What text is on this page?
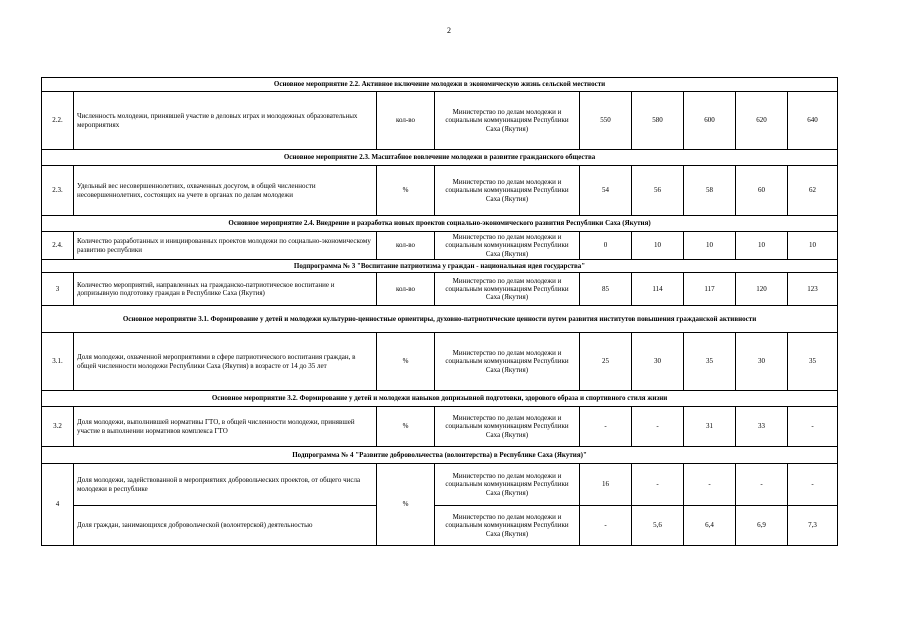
2
Основное мероприятие 2.2. Активное включение молодежи в экономическую жизнь сельской местности								
2.2.	Численность молодежи, принявшей участие в деловых играх и молодежных образовательных мероприятиях	кол-во	Министерство по делам молодежи и социальным коммуникациям Республики Саха (Якутия)	550	580	600	620	640
Основное мероприятие 2.3. Масштабное вовлечение молодежи в развитие гражданского общества								
2.3.	Удельный вес несовершеннолетних, охваченных досугом, в общей численности несовершеннолетних, состоящих на учете в органах по делам молодежи	%	Министерство по делам молодежи и социальным коммуникациям Республики Саха (Якутия)	54	56	58	60	62
Основное мероприятие 2.4. Внедрение и разработка новых проектов социально-экономического развития Республики Саха (Якутия)								
2.4.	Количество разработанных и инициированных проектов молодежи по социально-экономическому развитию республики	кол-во	Министерство по делам молодежи и социальным коммуникациям Республики Саха (Якутия)	0	10	10	10	10
Подпрограмма № 3 "Воспитание патриотизма у граждан - национальная идея государства"								
3	Количество мероприятий, направленных на гражданско-патриотическое воспитание и допризывную подготовку граждан в Республике Саха (Якутия)	кол-во	Министерство по делам молодежи и социальным коммуникациям Республики Саха (Якутия)	85	114	117	120	123
Основное мероприятие 3.1. Формирование у детей и молодежи культурно-ценностные ориентиры, духовно-патриотические ценности путем развития институтов повышения гражданской активности								
3.1.	Доля молодежи, охваченной мероприятиями в сфере патриотического воспитания граждан, в общей численности молодежи Республики Саха (Якутия) в возрасте от 14 до 35 лет	%	Министерство по делам молодежи и социальным коммуникациям Республики Саха (Якутия)	25	30	35	30	35
Основное мероприятие 3.2. Формирование у детей и молодежи навыков допризывной подготовки, здорового образа и спортивного стиля жизни								
3.2	Доля молодежи, выполнившей нормативы ГТО, в общей численности молодежи, принявшей участие в выполнении нормативов комплекса ГТО	%	Министерство по делам молодежи и социальным коммуникациям Республики Саха (Якутия)	-	-	31	33	-
Подпрограмма № 4 "Развитие добровольчества (волонтерства) в Республике Саха (Якутия)"								
4	Доля молодежи, задействованной в мероприятиях добровольческих проектов, от общего числа молодежи в республике	%	Министерство по делам молодежи и социальным коммуникациям Республики Саха (Якутия)	16	-	-	-	-
	Доля граждан, занимающихся добровольческой (волонтерской) деятельностью		Министерство по делам молодежи и социальным коммуникациям Республики Саха (Якутия)	-	5,6	6,4	6,9	7,3
